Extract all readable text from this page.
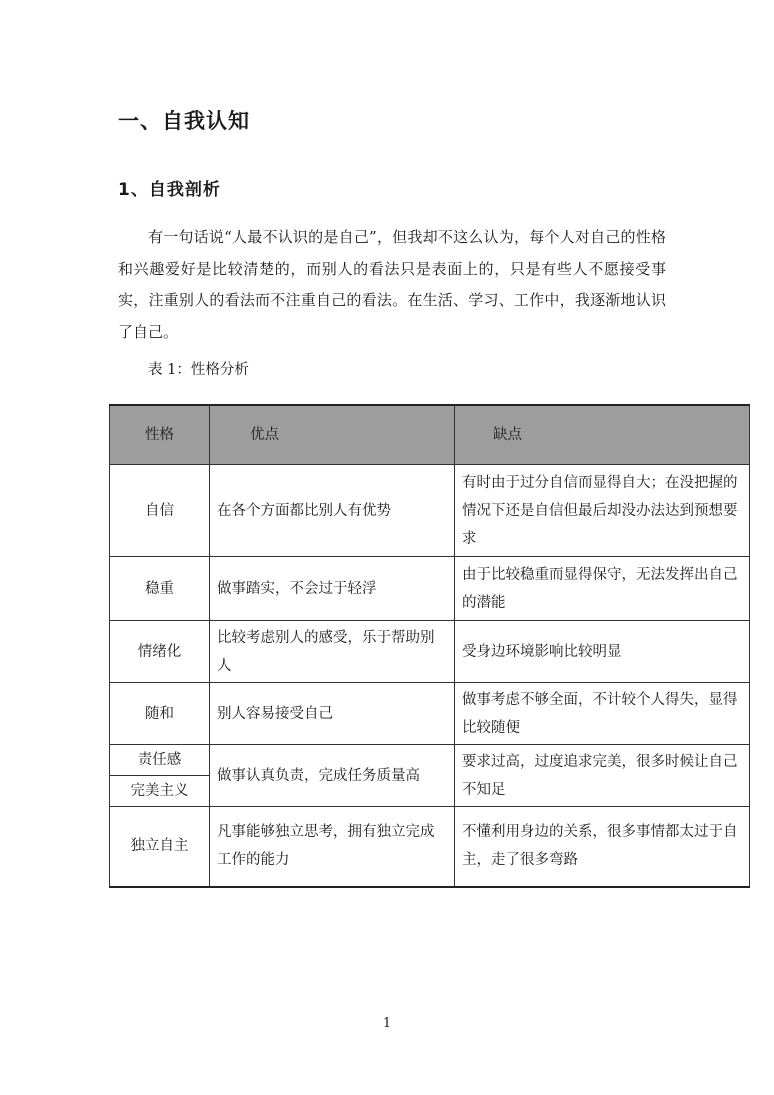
一、自我认知
1、自我剖析
有一句话说“人最不认识的是自己”，但我却不这么认为，每个人对自己的性格和兴趣爱好是比较清楚的，而别人的看法只是表面上的，只是有些人不愿接受事实，注重别人的看法而不注重自己的看法。在生活、学习、工作中，我逐渐地认识了自己。
表 1：性格分析
性格	优点	缺点
自信	在各个方面都比别人有优势	有时由于过分自信而显得自大；在没把握的情况下还是自信但最后却没办法达到预想要求
稳重	做事踏实，不会过于轻浮	由于比较稳重而显得保守，无法发挥出自己的潜能
情绪化	比较考虑别人的感受，乐于帮助别人	受身边环境影响比较明显
随和	别人容易接受自己	做事考虑不够全面，不计较个人得失，显得比较随便
责任感	做事认真负责，完成任务质量高	要求过高，过度追求完美，很多时候让自己不知足
完美主义		
独立自主	凡事能够独立思考，拥有独立完成工作的能力	不懂利用身边的关系，很多事情都太过于自主，走了很多弯路
1
